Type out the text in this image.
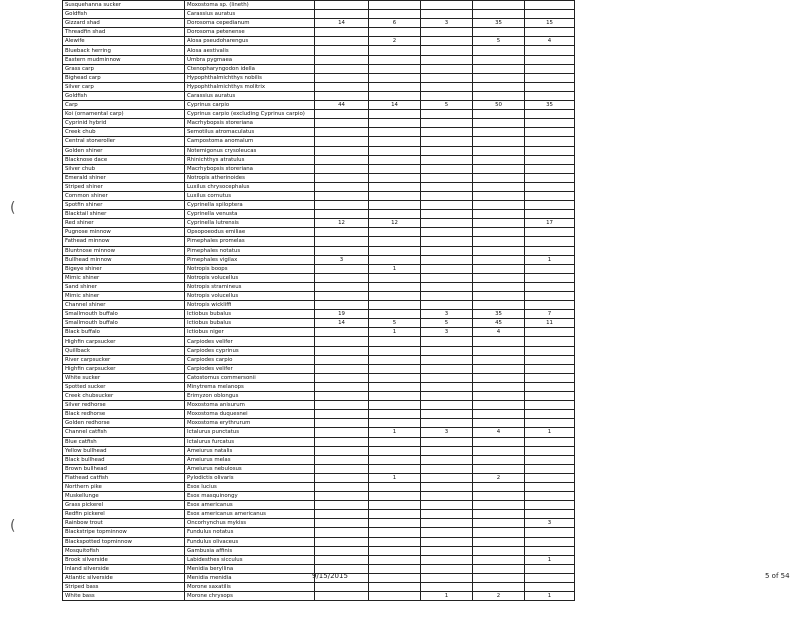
Susquehanna sucker	Moxostoma sp. (lineth)					
Goldfish	Carassius auratus					
Gizzard shad	Dorosoma cepedianum	14	6	3	35	15
Threadfin shad	Dorosoma petenense					
Alewife	Alosa pseudoharengus		2		5	4
Blueback herring	Alosa aestivalis					
Eastern mudminnow	Umbra pygmaea					
Grass carp	Ctenopharyngodon idella					
Bighead carp	Hypophthalmichthys nobilis					
Silver carp	Hypophthalmichthys molitrix					
Goldfish	Carassius auratus					
Carp	Cyprinus carpio	44	14	5	50	35
Koi (ornamental carp)	Cyprinus carpio (excluding Cyprinus carpio)					
Cyprinid hybrid	Macrhybopsis storeriana					
Creek chub	Semotilus atromaculatus					
Central stoneroller	Campostoma anomalum					
Golden shiner	Notemigonus crysoleucas					
Blacknose dace	Rhinichthys atratulus					
Silver chub	Macrhybopsis storeriana					
Emerald shiner	Notropis atherinoides					
Striped shiner	Luxilus chrysocephalus					
Common shiner	Luxilus cornutus					
Spotfin shiner	Cyprinella spiloptera					
Blacktail shiner	Cyprinella venusta					
Red shiner	Cyprinella lutrensis	12	12			17
Pugnose minnow	Opsopoeodus emiliae					
Fathead minnow	Pimephales promelas					
Bluntnose minnow	Pimephales notatus					
Bullhead minnow	Pimephales vigilax	3				1
Bigeye shiner	Notropis boops		1			
Mimic shiner	Notropis volucellus					
Sand shiner	Notropis stramineus					
Mimic shiner	Notropis volucellus					
Channel shiner	Notropis wickliffi					
Smallmouth buffalo	Ictiobus bubalus	19		3	35	7
Smallmouth buffalo	Ictiobus bubalus	14	5	5	45	11
Black buffalo	Ictiobus niger		1	3	4	
Highfin carpsucker	Carpiodes velifer					
Quillback	Carpiodes cyprinus					
River carpsucker	Carpiodes carpio					
Highfin carpsucker	Carpiodes velifer					
White sucker	Catostomus commersonii					
Spotted sucker	Minytrema melanops					
Creek chubsucker	Erimyzon oblongus					
Silver redhorse	Moxostoma anisurum					
Black redhorse	Moxostoma duquesnei					
Golden redhorse	Moxostoma erythrurum					
Channel catfish	Ictalurus punctatus		1	3	4	1
Blue catfish	Ictalurus furcatus					
Yellow bullhead	Ameiurus natalis					
Black bullhead	Ameiurus melas					
Brown bullhead	Ameiurus nebulosus					
Flathead catfish	Pylodictis olivaris		1		2	
Northern pike	Esox lucius					
Muskellunge	Esox masquinongy					
Grass pickerel	Esox americanus					
Redfin pickerel	Esox americanus americanus					
Rainbow trout	Oncorhynchus mykiss					3
Blackstripe topminnow	Fundulus notatus					
Blackspotted topminnow	Fundulus olivaceus					
Mosquitofish	Gambusia affinis					
Brook silverside	Labidesthes sicculus					1
Inland silverside	Menidia beryllina					
Atlantic silverside	Menidia menidia					
Striped bass	Morone saxatilis					
White bass	Morone chrysops			1	2	1
(
(
9/15/2015	5 of 54
